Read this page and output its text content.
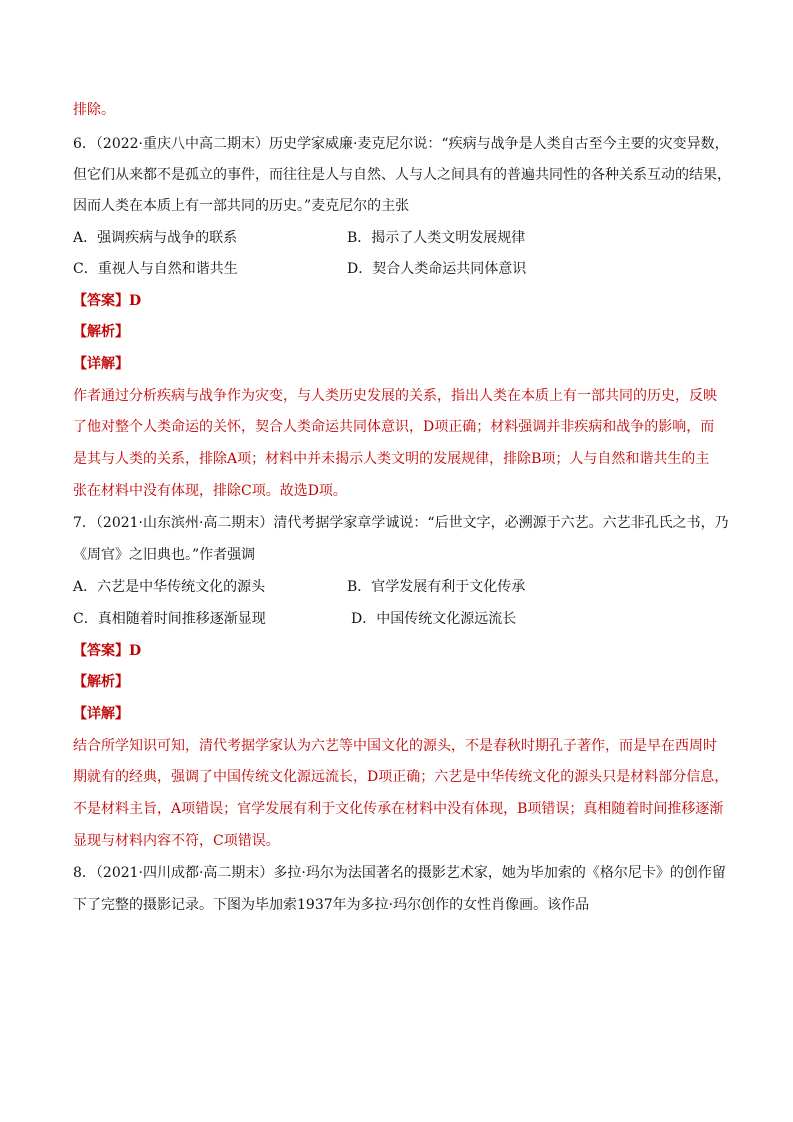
排除。
6．（2022·重庆八中高二期末）历史学家威廉·麦克尼尔说：“疾病与战争是人类自古至今主要的灾变异数，
但它们从来都不是孤立的事件，而往往是人与自然、人与人之间具有的普遍共同性的各种关系互动的结果，
因而人类在本质上有一部共同的历史。”麦克尼尔的主张
A．强调疾病与战争的联系	B．揭示了人类文明发展规律
C．重视人与自然和谐共生	D．契合人类命运共同体意识
【答案】D
【解析】
【详解】
作者通过分析疾病与战争作为灾变，与人类历史发展的关系，指出人类在本质上有一部共同的历史，反映
了他对整个人类命运的关怀，契合人类命运共同体意识，D项正确；材料强调并非疾病和战争的影响，而
是其与人类的关系，排除A项；材料中并未揭示人类文明的发展规律，排除B项；人与自然和谐共生的主
张在材料中没有体现，排除C项。故选D项。
7．（2021·山东滨州·高二期末）清代考据学家章学诚说：“后世文字，必溯源于六艺。六艺非孔氏之书，乃
《周官》之旧典也。”作者强调
A．六艺是中华传统文化的源头	B．官学发展有利于文化传承
C．真相随着时间推移逐渐显现	D．中国传统文化源远流长
【答案】D
【解析】
【详解】
结合所学知识可知，清代考据学家认为六艺等中国文化的源头，不是春秋时期孔子著作，而是早在西周时
期就有的经典，强调了中国传统文化源远流长，D项正确；六艺是中华传统文化的源头只是材料部分信息，
不是材料主旨，A项错误；官学发展有利于文化传承在材料中没有体现，B项错误；真相随着时间推移逐渐
显现与材料内容不符，C项错误。
8．（2021·四川成都·高二期末）多拉·玛尔为法国著名的摄影艺术家，她为毕加索的《格尔尼卡》的创作留
下了完整的摄影记录。下图为毕加索1937年为多拉·玛尔创作的女性肖像画。该作品
